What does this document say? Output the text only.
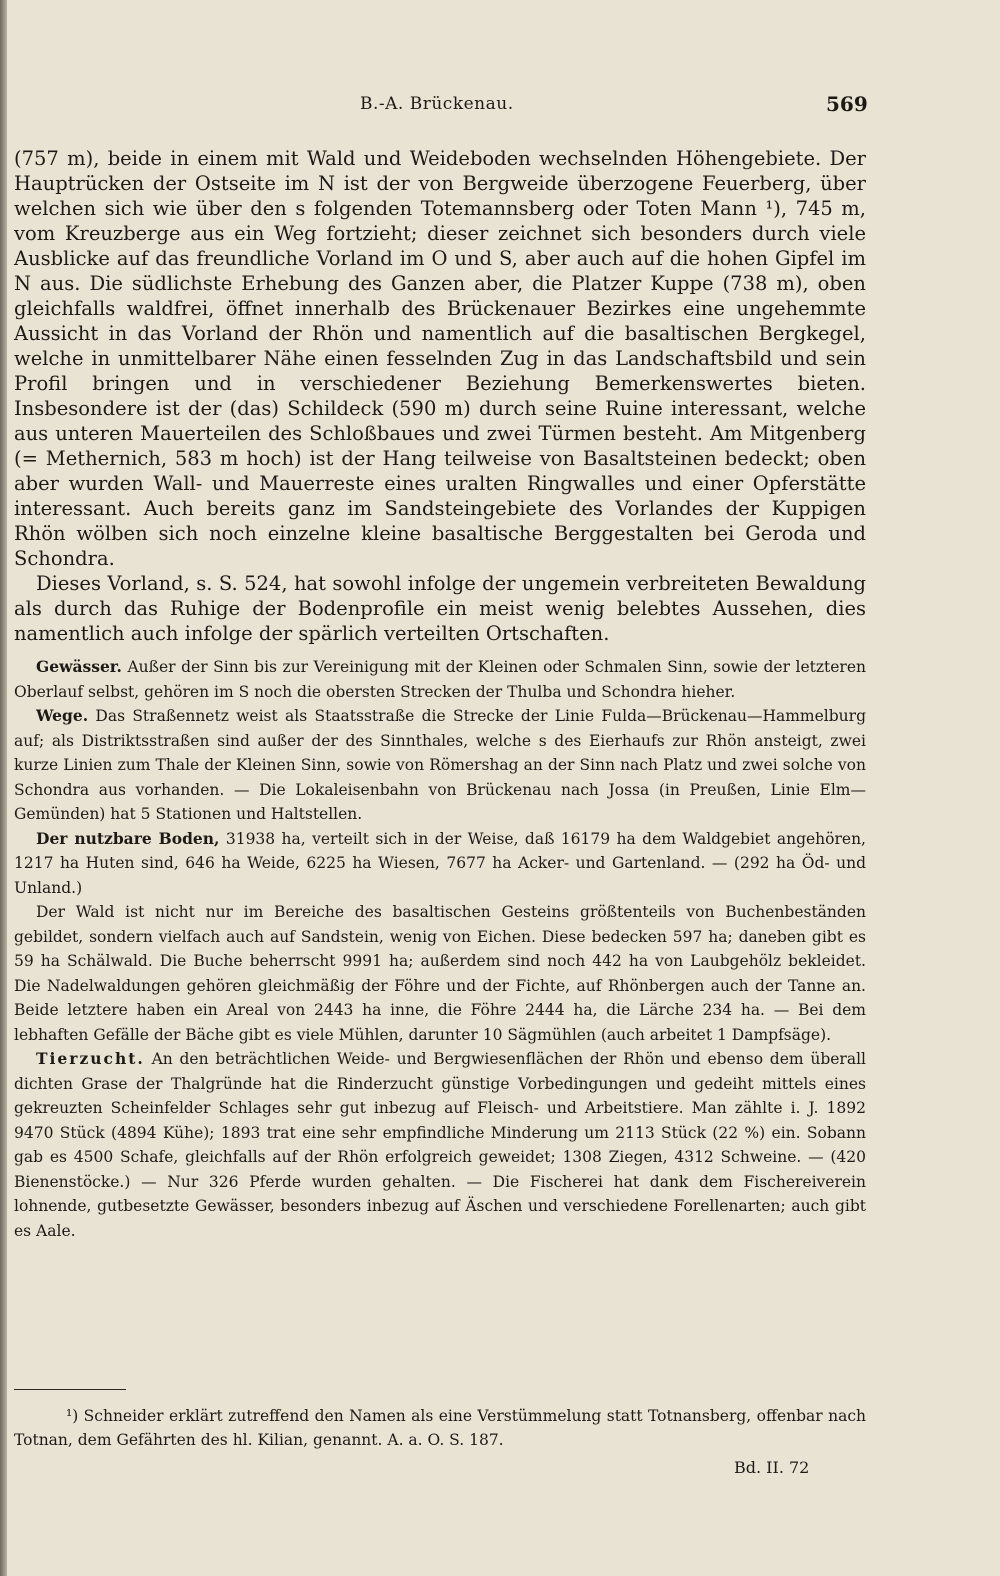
B.-A. Brückenau.	569

(757 m), beide in einem mit Wald und Weideboden wechselnden Höhengebiete. Der Hauptrücken der Ostseite im N ist der von Bergweide überzogene Feuerberg, über welchen sich wie über den s folgenden Totemannsberg oder Toten Mann ¹), 745 m, vom Kreuzberge aus ein Weg fortzieht; dieser zeichnet sich besonders durch viele Ausblicke auf das freundliche Vorland im O und S, aber auch auf die hohen Gipfel im N aus. Die südlichste Erhebung des Ganzen aber, die Platzer Kuppe (738 m), oben gleichfalls waldfrei, öffnet innerhalb des Brückenauer Bezirkes eine ungehemmte Aussicht in das Vorland der Rhön und namentlich auf die basaltischen Bergkegel, welche in unmittelbarer Nähe einen fesselnden Zug in das Landschaftsbild und sein Profil bringen und in verschiedener Beziehung Bemerkenswertes bieten. Insbesondere ist der (das) Schildeck (590 m) durch seine Ruine interessant, welche aus unteren Mauerteilen des Schloßbaues und zwei Türmen besteht. Am Mitgenberg (= Methernich, 583 m hoch) ist der Hang teilweise von Basaltsteinen bedeckt; oben aber wurden Wall- und Mauerreste eines uralten Ringwalles und einer Opferstätte interessant. Auch bereits ganz im Sandsteingebiete des Vorlandes der Kuppigen Rhön wölben sich noch einzelne kleine basaltische Berggestalten bei Geroda und Schondra.

Dieses Vorland, s. S. 524, hat sowohl infolge der ungemein verbreiteten Bewaldung als durch das Ruhige der Bodenprofile ein meist wenig belebtes Aussehen, dies namentlich auch infolge der spärlich verteilten Ortschaften.

Gewässer. Außer der Sinn bis zur Vereinigung mit der Kleinen oder Schmalen Sinn, sowie der letzteren Oberlauf selbst, gehören im S noch die obersten Strecken der Thulba und Schondra hieher.

Wege. Das Straßennetz weist als Staatsstraße die Strecke der Linie Fulda—Brückenau—Hammelburg auf; als Distriktsstraßen sind außer der des Sinnthales, welche s des Eierhaufs zur Rhön ansteigt, zwei kurze Linien zum Thale der Kleinen Sinn, sowie von Römershag an der Sinn nach Platz und zwei solche von Schondra aus vorhanden. — Die Lokaleisenbahn von Brückenau nach Jossa (in Preußen, Linie Elm—Gemünden) hat 5 Stationen und Haltstellen.

Der nutzbare Boden, 31938 ha, verteilt sich in der Weise, daß 16179 ha dem Waldgebiet angehören, 1217 ha Huten sind, 646 ha Weide, 6225 ha Wiesen, 7677 ha Acker- und Gartenland. — (292 ha Öd- und Unland.)

Der Wald ist nicht nur im Bereiche des basaltischen Gesteins größtenteils von Buchenbeständen gebildet, sondern vielfach auch auf Sandstein, wenig von Eichen. Diese bedecken 597 ha; daneben gibt es 59 ha Schälwald. Die Buche beherrscht 9991 ha; außerdem sind noch 442 ha von Laubgehölz bekleidet. Die Nadelwaldungen gehören gleichmäßig der Föhre und der Fichte, auf Rhönbergen auch der Tanne an. Beide letztere haben ein Areal von 2443 ha inne, die Föhre 2444 ha, die Lärche 234 ha. — Bei dem lebhaften Gefälle der Bäche gibt es viele Mühlen, darunter 10 Sägmühlen (auch arbeitet 1 Dampfsäge).

Tierzucht. An den beträchtlichen Weide- und Bergwiesenflächen der Rhön und ebenso dem überall dichten Grase der Thalgründe hat die Rinderzucht günstige Vorbedingungen und gedeiht mittels eines gekreuzten Scheinfelder Schlages sehr gut inbezug auf Fleisch- und Arbeitstiere. Man zählte i. J. 1892 9470 Stück (4894 Kühe); 1893 trat eine sehr empfindliche Minderung um 2113 Stück (22 %) ein. Sobann gab es 4500 Schafe, gleichfalls auf der Rhön erfolgreich geweidet; 1308 Ziegen, 4312 Schweine. — (420 Bienenstöcke.) — Nur 326 Pferde wurden gehalten. — Die Fischerei hat dank dem Fischereiverein lohnende, gutbesetzte Gewässer, besonders inbezug auf Äschen und verschiedene Forellenarten; auch gibt es Aale.

¹) Schneider erklärt zutreffend den Namen als eine Verstümmelung statt Totnansberg, offenbar nach Totnan, dem Gefährten des hl. Kilian, genannt. A. a. O. S. 187.

Bd. II. 72
